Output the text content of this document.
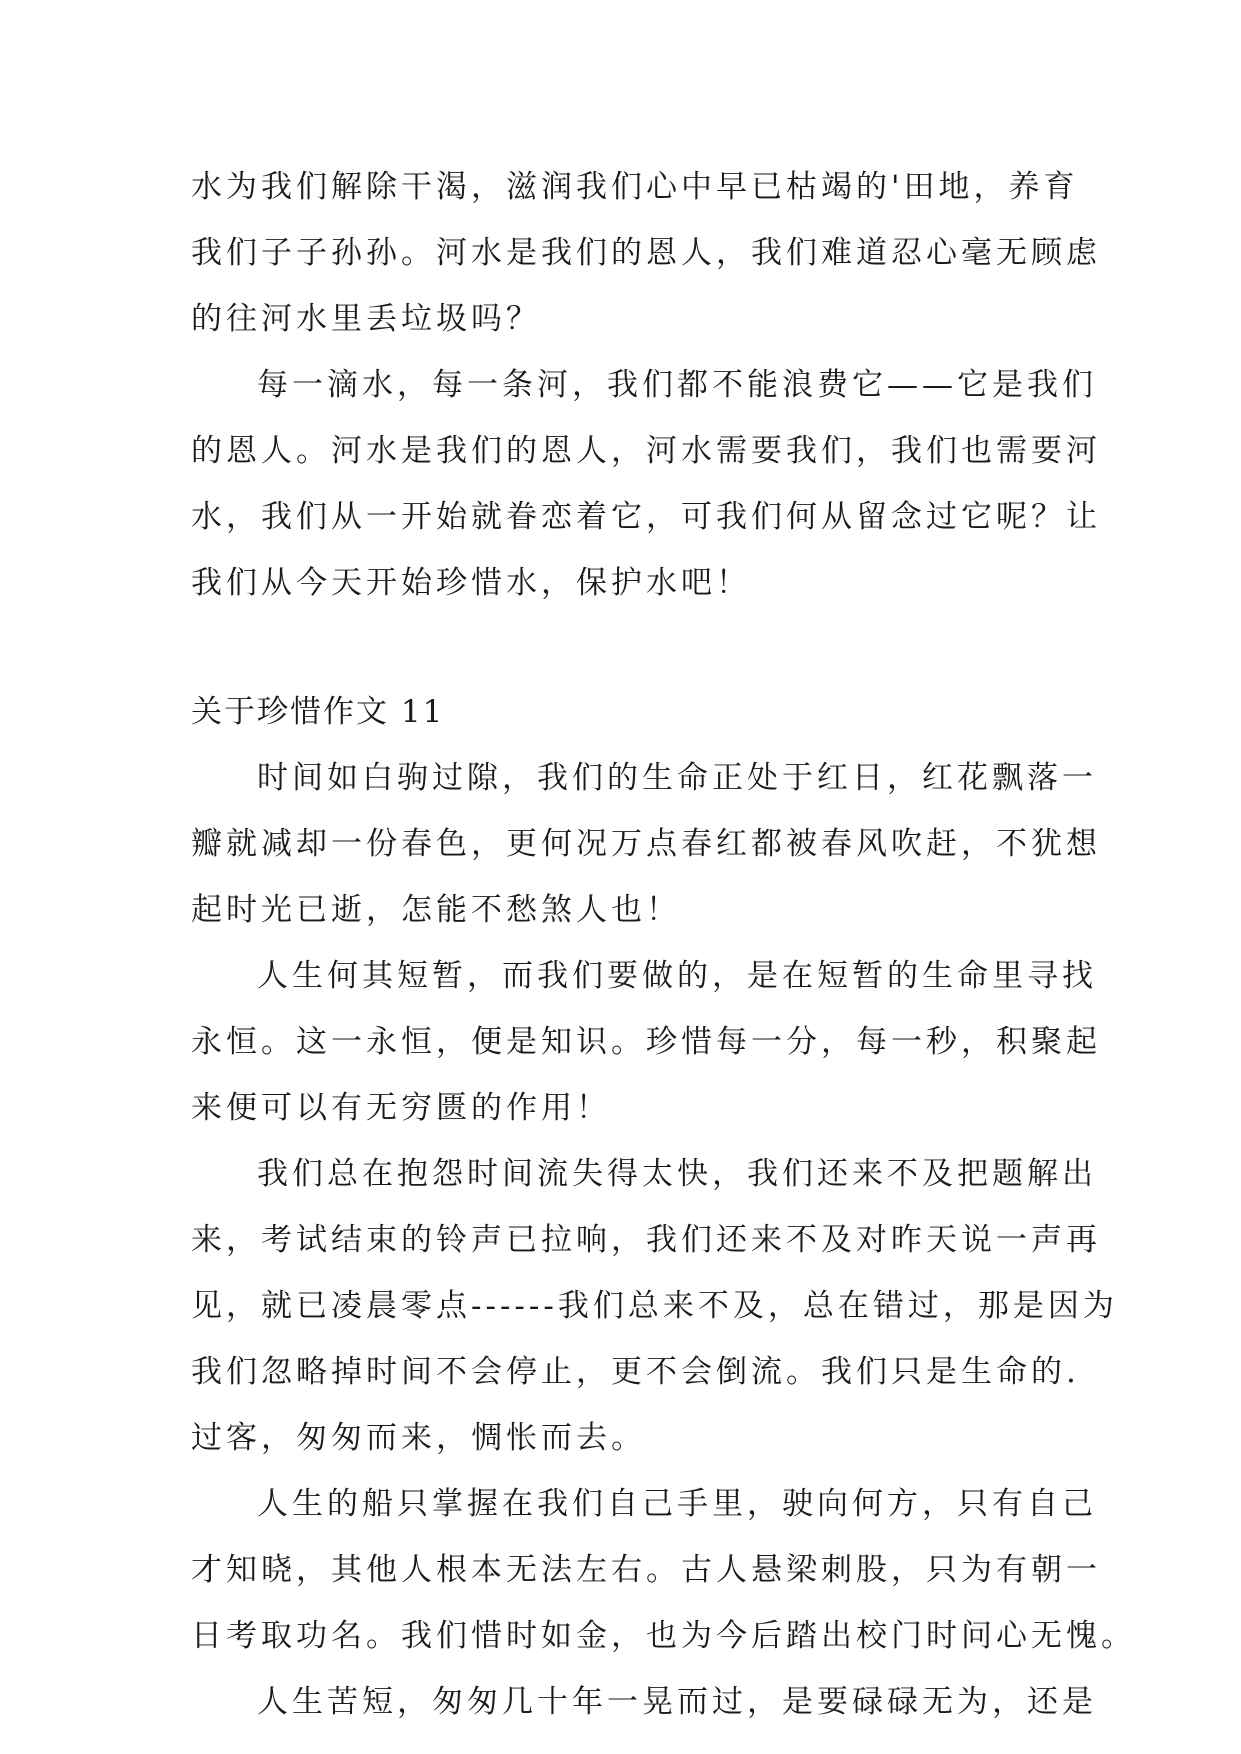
水为我们解除干渴，滋润我们心中早已枯竭的'田地，养育
我们子子孙孙。河水是我们的恩人，我们难道忍心毫无顾虑
的往河水里丢垃圾吗？
每一滴水，每一条河，我们都不能浪费它——它是我们
的恩人。河水是我们的恩人，河水需要我们，我们也需要河
水，我们从一开始就眷恋着它，可我们何从留念过它呢？让
我们从今天开始珍惜水，保护水吧！
关于珍惜作文 11
时间如白驹过隙，我们的生命正处于红日，红花飘落一
瓣就减却一份春色，更何况万点春红都被春风吹赶，不犹想
起时光已逝，怎能不愁煞人也！
人生何其短暂，而我们要做的，是在短暂的生命里寻找
永恒。这一永恒，便是知识。珍惜每一分，每一秒，积聚起
来便可以有无穷匮的作用！
我们总在抱怨时间流失得太快，我们还来不及把题解出
来，考试结束的铃声已拉响，我们还来不及对昨天说一声再
见，就已凌晨零点------我们总来不及，总在错过，那是因为
我们忽略掉时间不会停止，更不会倒流。我们只是生命的.
过客，匆匆而来，惆怅而去。
人生的船只掌握在我们自己手里，驶向何方，只有自己
才知晓，其他人根本无法左右。古人悬梁刺股，只为有朝一
日考取功名。我们惜时如金，也为今后踏出校门时问心无愧。
人生苦短，匆匆几十年一晃而过，是要碌碌无为，还是
